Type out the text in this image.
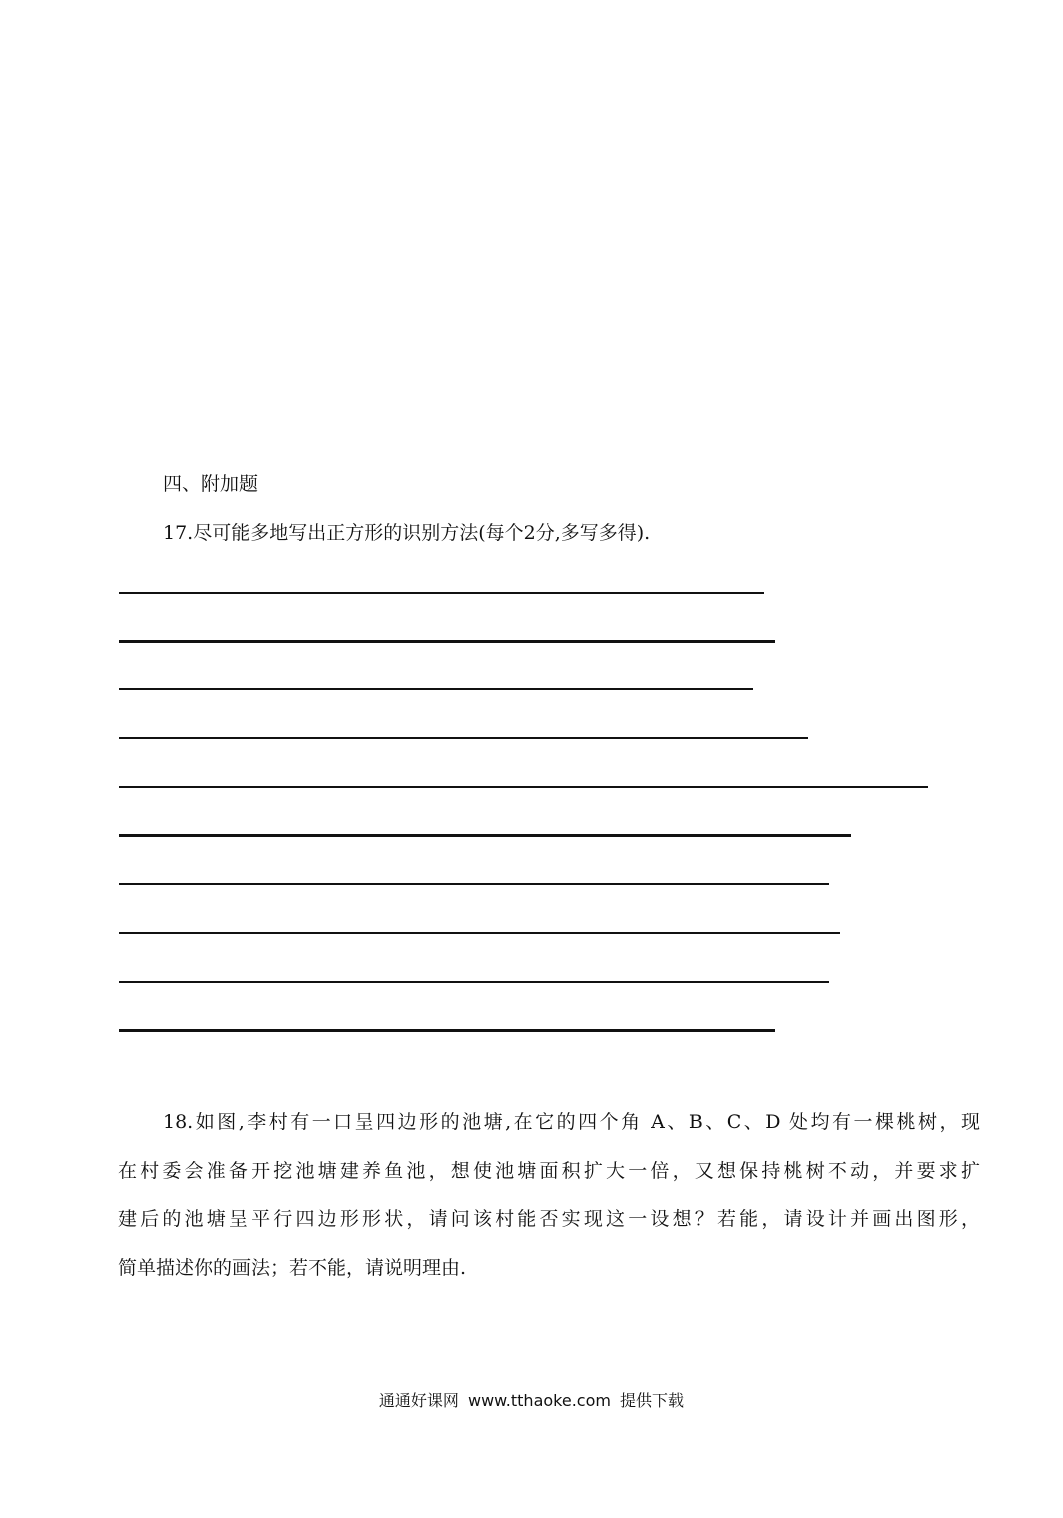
四、附加题

17.尽可能多地写出正方形的识别方法(每个2分,多写多得).

18.如图,李村有一口呈四边形的池塘,在它的四个角 A、B、C、D 处均有一棵桃树，现
在村委会准备开挖池塘建养鱼池，想使池塘面积扩大一倍，又想保持桃树不动，并要求扩
建后的池塘呈平行四边形形状，请问该村能否实现这一设想？若能，请设计并画出图形，
简单描述你的画法；若不能，请说明理由.

通通好课网 www.tthaoke.com 提供下载
